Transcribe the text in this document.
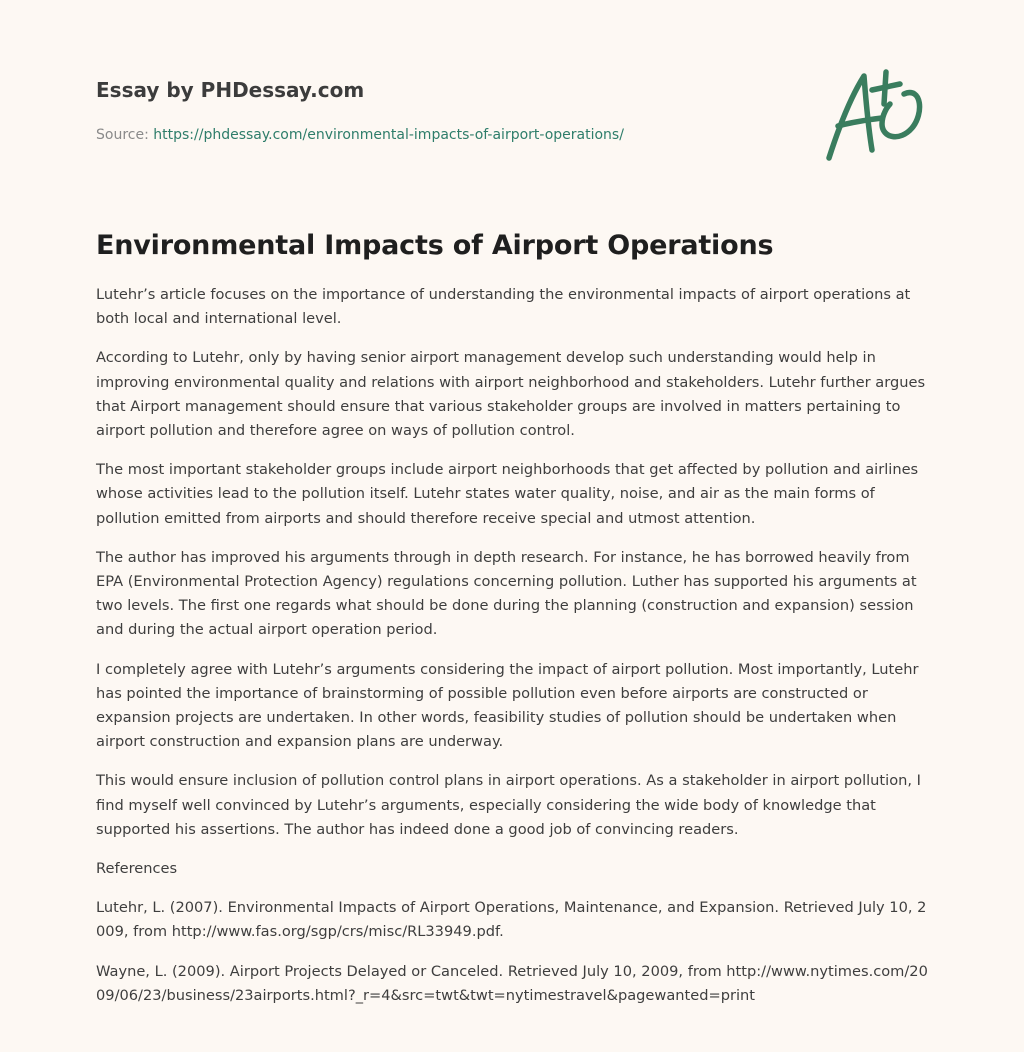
Essay by PHDessay.com
Source: https://phdessay.com/environmental-impacts-of-airport-operations/
Environmental Impacts of Airport Operations

Lutehr’s article focuses on the importance of understanding the environmental impacts of airport operations at both local and international level.

According to Lutehr, only by having senior airport management develop such understanding would help in improving environmental quality and relations with airport neighborhood and stakeholders. Lutehr further argues that Airport management should ensure that various stakeholder groups are involved in matters pertaining to airport pollution and therefore agree on ways of pollution control.

The most important stakeholder groups include airport neighborhoods that get affected by pollution and airlines whose activities lead to the pollution itself. Lutehr states water quality, noise, and air as the main forms of pollution emitted from airports and should therefore receive special and utmost attention.

The author has improved his arguments through in depth research. For instance, he has borrowed heavily from EPA (Environmental Protection Agency) regulations concerning pollution. Luther has supported his arguments at two levels. The first one regards what should be done during the planning (construction and expansion) session and during the actual airport operation period.

I completely agree with Lutehr’s arguments considering the impact of airport pollution. Most importantly, Lutehr has pointed the importance of brainstorming of possible pollution even before airports are constructed or expansion projects are undertaken. In other words, feasibility studies of pollution should be undertaken when airport construction and expansion plans are underway.

This would ensure inclusion of pollution control plans in airport operations. As a stakeholder in airport pollution, I find myself well convinced by Lutehr’s arguments, especially considering the wide body of knowledge that supported his assertions. The author has indeed done a good job of convincing readers.

References

Lutehr, L. (2007). Environmental Impacts of Airport Operations, Maintenance, and Expansion. Retrieved July 10, 2009, from http://www.fas.org/sgp/crs/misc/RL33949.pdf.

Wayne, L. (2009). Airport Projects Delayed or Canceled. Retrieved July 10, 2009, from http://www.nytimes.com/2009/06/23/business/23airports.html?_r=4&src=twt&twt=nytimestravel&pagewanted=print
